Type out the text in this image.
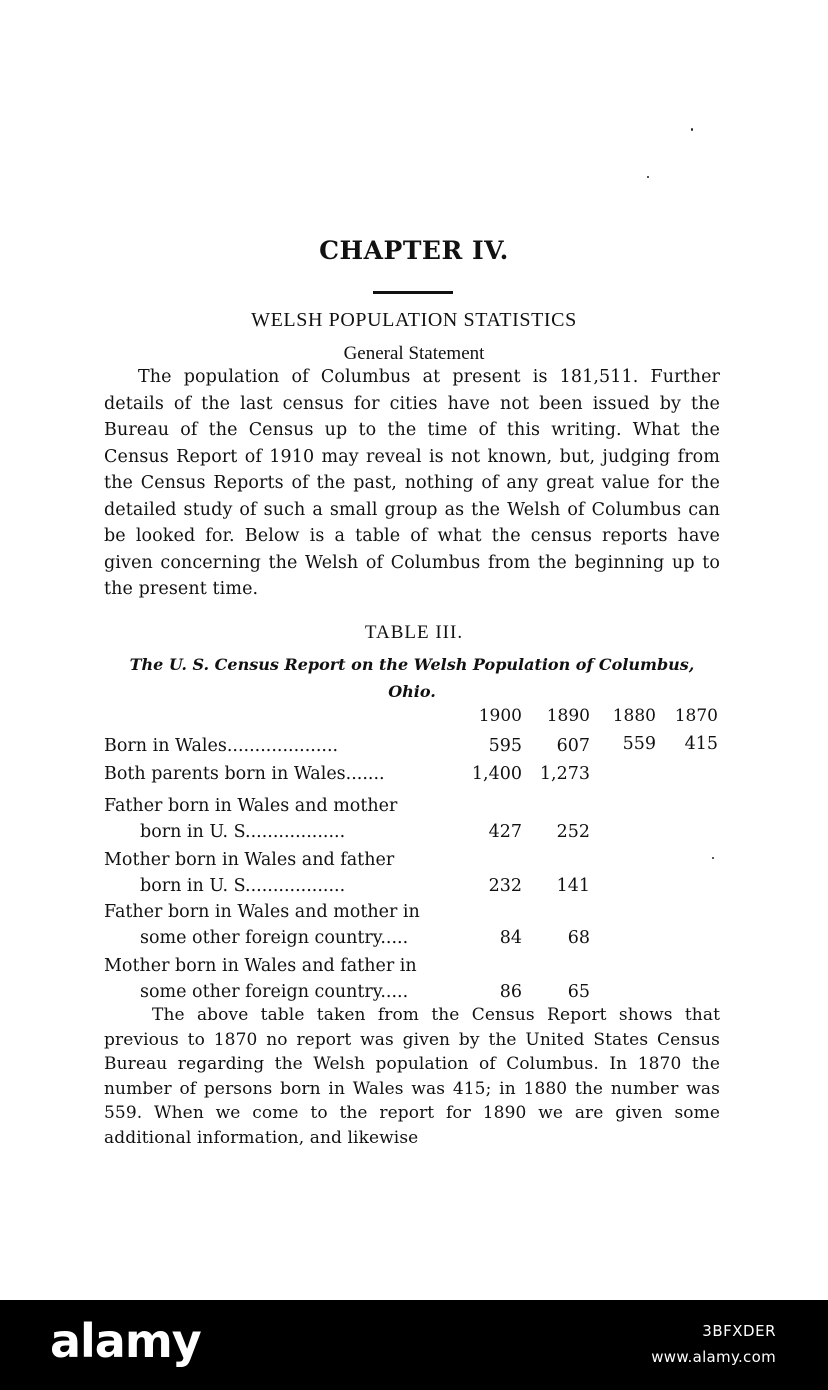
CHAPTER IV.
WELSH POPULATION STATISTICS
General Statement
The population of Columbus at present is 181,511. Further details of the last census for cities have not been issued by the Bureau of the Census up to the time of this writing. What the Census Report of 1910 may reveal is not known, but, judging from the Census Reports of the past, nothing of any great value for the detailed study of such a small group as the Welsh of Columbus can be looked for. Below is a table of what the census reports have given concerning the Welsh of Columbus from the beginning up to the present time.
TABLE III.
The U. S. Census Report on the Welsh Population of Columbus, Ohio.
1900	1890	1880	1870
Born in Wales....................	595	607	559	415
Both parents born in Wales.......	1,400	1,273
Father born in Wales and mother
born in U. S..................	427	252
Mother born in Wales and father
born in U. S..................	232	141
Father born in Wales and mother in
some other foreign country.....	84	68
Mother born in Wales and father in
some other foreign country.....	86	65
The above table taken from the Census Report shows that previous to 1870 no report was given by the United States Census Bureau regarding the Welsh population of Columbus. In 1870 the number of persons born in Wales was 415; in 1880 the number was 559. When we come to the report for 1890 we are given some additional information, and likewise
alamy	3BFXDER
www.alamy.com
